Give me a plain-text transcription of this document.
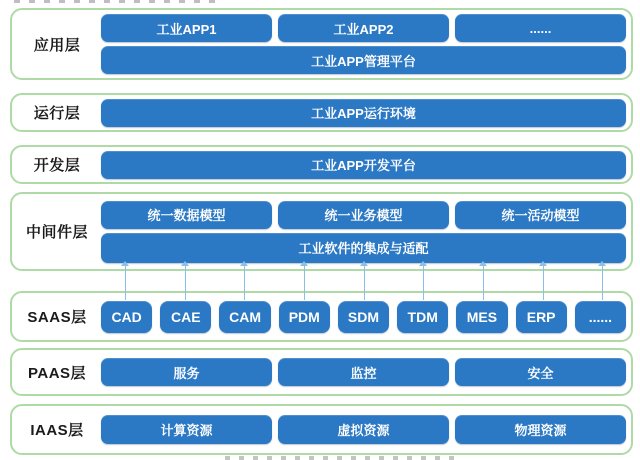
应用层
工业APP1	工业APP2	......
工业APP管理平台
运行层	工业APP运行环境
开发层	工业APP开发平台
中间件层
统一数据模型	统一业务模型	统一活动模型
工业软件的集成与适配
SAAS层	CAD	CAE	CAM	PDM	SDM	TDM	MES	ERP	......
PAAS层	服务	监控	安全
IAAS层	计算资源	虚拟资源	物理资源
